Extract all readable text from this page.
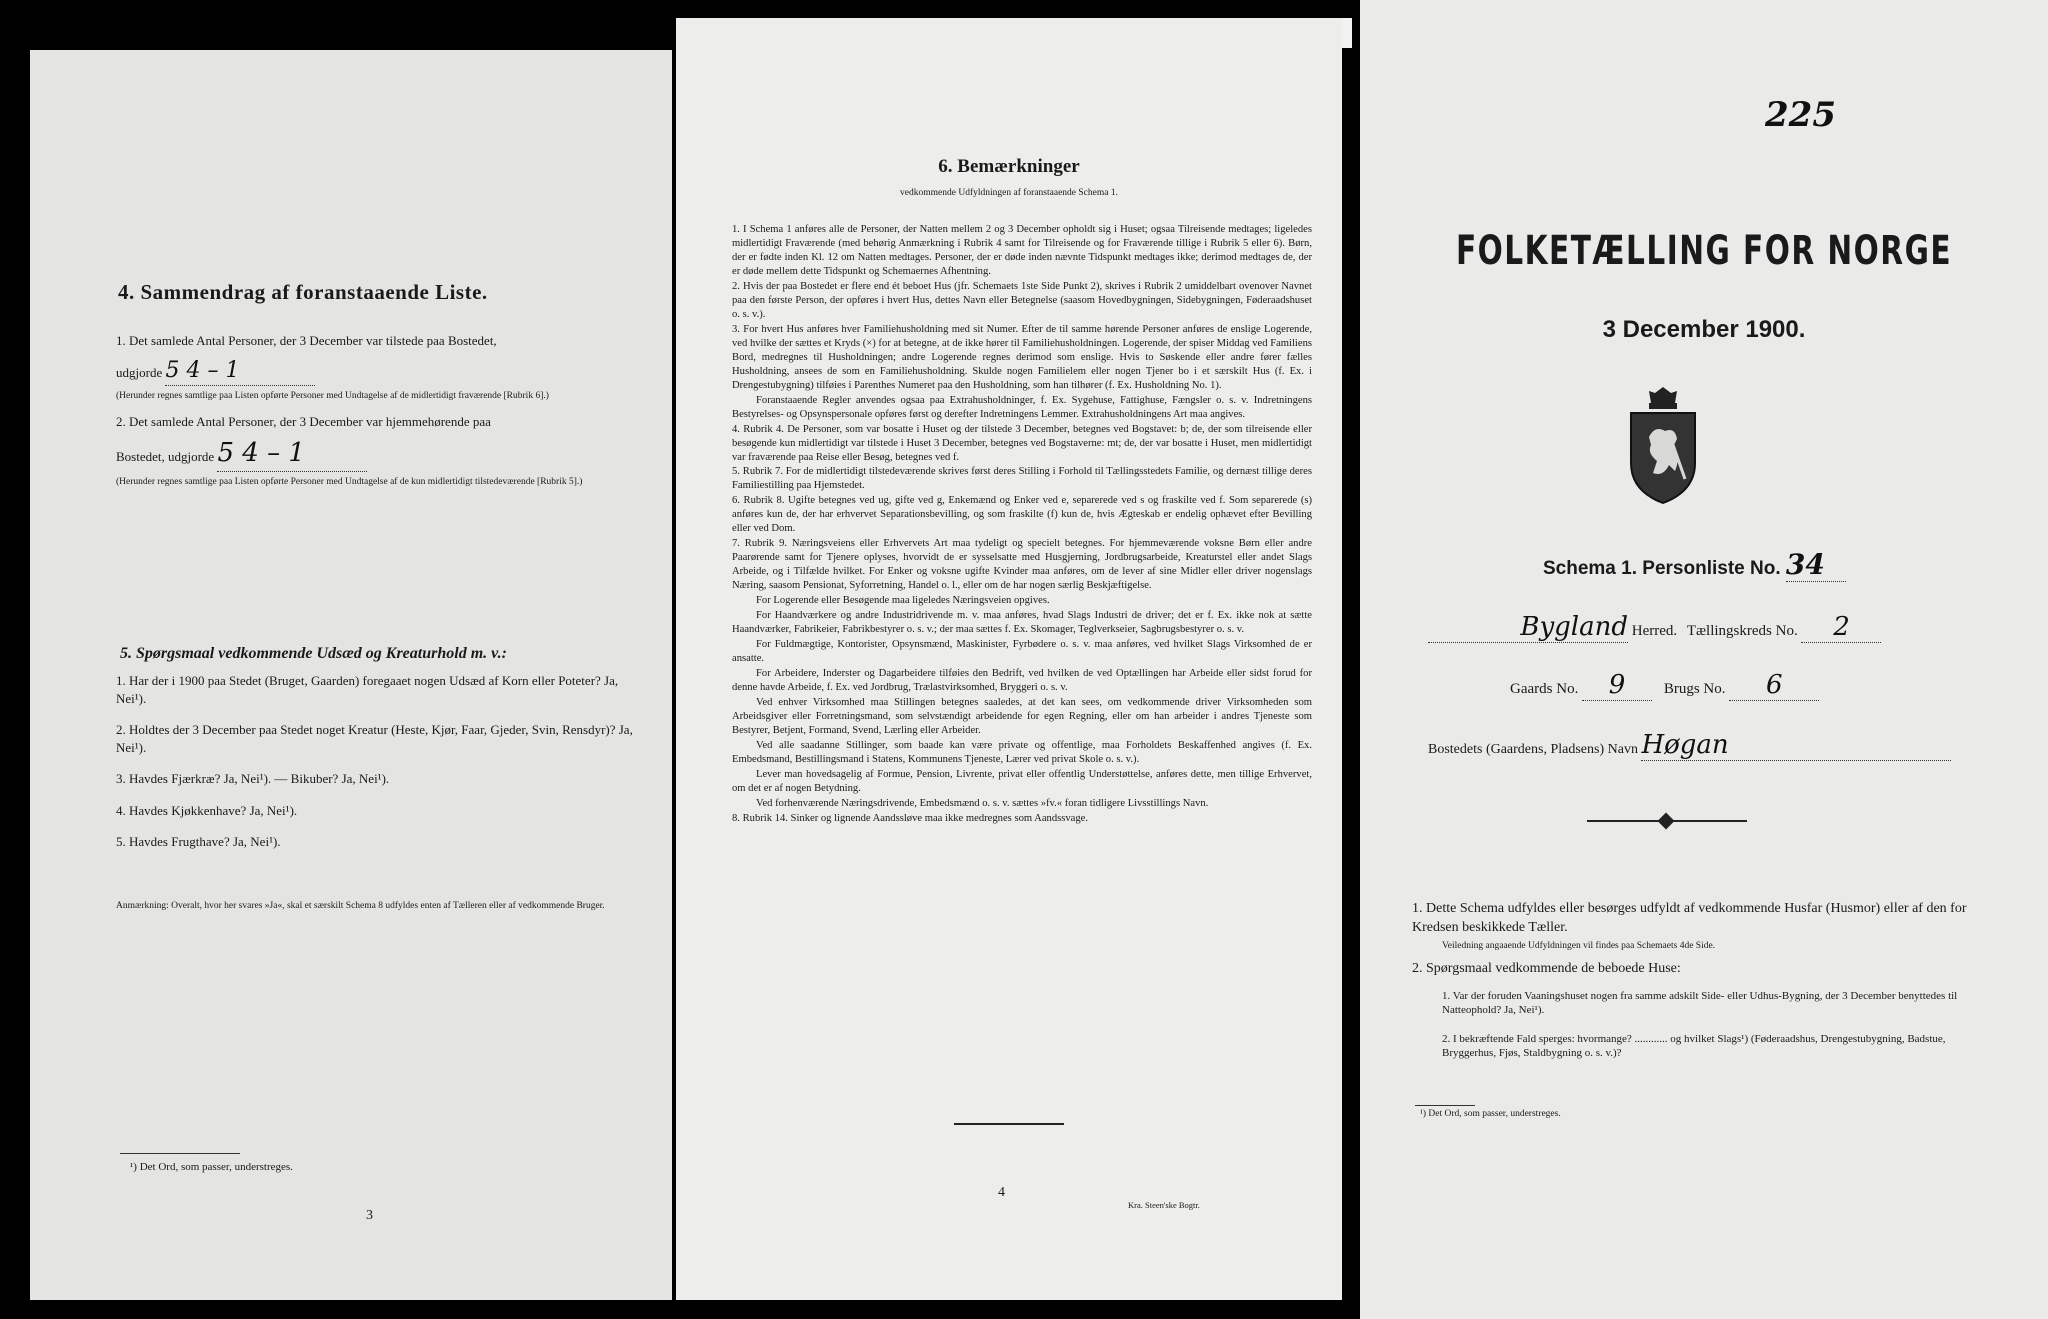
4. Sammendrag af foranstaaende Liste.
1. Det samlede Antal Personer, der 3 December var tilstede paa Bostedet,
udgjorde 5 4 – 1
(Herunder regnes samtlige paa Listen opførte Personer med Undtagelse af de midlertidigt fraværende [Rubrik 6].)
2. Det samlede Antal Personer, der 3 December var hjemmehørende paa
Bostedet, udgjorde 5 4 – 1
(Herunder regnes samtlige paa Listen opførte Personer med Undtagelse af de kun midlertidigt tilstedeværende [Rubrik 5].)
5. Spørgsmaal vedkommende Udsæd og Kreaturhold m. v.:
1. Har der i 1900 paa Stedet (Bruget, Gaarden) foregaaet nogen Udsæd af Korn eller Poteter? Ja, Nei¹).
2. Holdtes der 3 December paa Stedet noget Kreatur (Heste, Kjør, Faar, Gjeder, Svin, Rensdyr)? Ja, Nei¹).
3. Havdes Fjærkræ? Ja, Nei¹). — Bikuber? Ja, Nei¹).
4. Havdes Kjøkkenhave? Ja, Nei¹).
5. Havdes Frugthave? Ja, Nei¹).
Anmærkning: Overalt, hvor her svares »Ja«, skal et særskilt Schema 8 udfyldes enten af Tælleren eller af vedkommende Bruger.
¹) Det Ord, som passer, understreges.
3
6. Bemærkninger
vedkommende Udfyldningen af foranstaaende Schema 1.

1. I Schema 1 anføres alle de Personer, der Natten mellem 2 og 3 December opholdt sig i Huset; ogsaa Tilreisende medtages; ligeledes midlertidigt Fraværende (med behørig Anmærkning i Rubrik 4 samt for Tilreisende og for Fraværende tillige i Rubrik 5 eller 6). Børn, der er fødte inden Kl. 12 om Natten medtages. Personer, der er døde inden nævnte Tidspunkt medtages ikke; derimod medtages de, der er døde mellem dette Tidspunkt og Schemaernes Afhentning.

2. Hvis der paa Bostedet er flere end ét beboet Hus (jfr. Schemaets 1ste Side Punkt 2), skrives i Rubrik 2 umiddelbart ovenover Navnet paa den første Person, der opføres i hvert Hus, dettes Navn eller Betegnelse (saasom Hovedbygningen, Sidebygningen, Føderaadshuset o. s. v.).

3. For hvert Hus anføres hver Familiehusholdning med sit Numer. Efter de til samme hørende Personer anføres de enslige Logerende, ved hvilke der sættes et Kryds (×) for at betegne, at de ikke hører til Familiehusholdningen. Logerende, der spiser Middag ved Familiens Bord, medregnes til Husholdningen; andre Logerende regnes derimod som enslige. Hvis to Søskende eller andre fører fælles Husholdning, ansees de som en Familiehusholdning. Skulde nogen Familielem eller nogen Tjener bo i et særskilt Hus (f. Ex. i Drengestubygning) tilføies i Parenthes Numeret paa den Husholdning, som han tilhører (f. Ex. Husholdning No. 1).

Foranstaaende Regler anvendes ogsaa paa Extrahusholdninger, f. Ex. Sygehuse, Fattighuse, Fængsler o. s. v. Indretningens Bestyrelses- og Opsynspersonale opføres først og derefter Indretningens Lemmer. Extrahusholdningens Art maa angives.

4. Rubrik 4. De Personer, som var bosatte i Huset og der tilstede 3 December, betegnes ved Bogstavet: b; de, der som tilreisende eller besøgende kun midlertidigt var tilstede i Huset 3 December, betegnes ved Bogstaverne: mt; de, der var bosatte i Huset, men midlertidigt var fraværende paa Reise eller Besøg, betegnes ved f.

5. Rubrik 7. For de midlertidigt tilstedeværende skrives først deres Stilling i Forhold til Tællingsstedets Familie, og dernæst tillige deres Familiestilling paa Hjemstedet.

6. Rubrik 8. Ugifte betegnes ved ug, gifte ved g, Enkemænd og Enker ved e, separerede ved s og fraskilte ved f. Som separerede (s) anføres kun de, der har erhvervet Separationsbevilling, og som fraskilte (f) kun de, hvis Ægteskab er endelig ophævet efter Bevilling eller ved Dom.

7. Rubrik 9. Næringsveiens eller Erhvervets Art maa tydeligt og specielt betegnes. For hjemmeværende voksne Børn eller andre Paarørende samt for Tjenere oplyses, hvorvidt de er sysselsatte med Husgjerning, Jordbrugsarbeide, Kreaturstel eller andet Slags Arbeide, og i Tilfælde hvilket. For Enker og voksne ugifte Kvinder maa anføres, om de lever af sine Midler eller driver nogenslags Næring, saasom Pensionat, Syforretning, Handel o. l., eller om de har nogen særlig Beskjæftigelse.

For Logerende eller Besøgende maa ligeledes Næringsveien opgives.

For Haandværkere og andre Industridrivende m. v. maa anføres, hvad Slags Industri de driver; det er f. Ex. ikke nok at sætte Haandværker, Fabrikeier, Fabrikbestyrer o. s. v.; der maa sættes f. Ex. Skomager, Teglverkseier, Sagbrugsbestyrer o. s. v.

For Fuldmægtige, Kontorister, Opsynsmænd, Maskinister, Fyrbødere o. s. v. maa anføres, ved hvilket Slags Virksomhed de er ansatte.

For Arbeidere, Inderster og Dagarbeidere tilføies den Bedrift, ved hvilken de ved Optællingen har Arbeide eller sidst forud for denne havde Arbeide, f. Ex. ved Jordbrug, Trælastvirksomhed, Bryggeri o. s. v.

Ved enhver Virksomhed maa Stillingen betegnes saaledes, at det kan sees, om vedkommende driver Virksomheden som Arbeidsgiver eller Forretningsmand, som selvstændigt arbeidende for egen Regning, eller om han arbeider i andres Tjeneste som Bestyrer, Betjent, Formand, Svend, Lærling eller Arbeider.

Ved alle saadanne Stillinger, som baade kan være private og offentlige, maa Forholdets Beskaffenhed angives (f. Ex. Embedsmand, Bestillingsmand i Statens, Kommunens Tjeneste, Lærer ved privat Skole o. s. v.).

Lever man hovedsagelig af Formue, Pension, Livrente, privat eller offentlig Understøttelse, anføres dette, men tillige Erhvervet, om det er af nogen Betydning.

Ved forhenværende Næringsdrivende, Embedsmænd o. s. v. sættes »fv.« foran tidligere Livsstillings Navn.

8. Rubrik 14. Sinker og lignende Aandssløve maa ikke medregnes som Aandssvage.

4
Kra. Steen'ske Bogtr.
225
FOLKETÆLLING FOR NORGE
3 December 1900.
Schema 1. Personliste No. 34
Bygland Herred. Tællingskreds No. 2
Gaards No. 9	Brugs No. 6
Bostedets (Gaardens, Pladsens) Navn Høgan
1. Dette Schema udfyldes eller besørges udfyldt af vedkommende Husfar (Husmor) eller af den for Kredsen beskikkede Tæller.
Veiledning angaaende Udfyldningen vil findes paa Schemaets 4de Side.
2. Spørgsmaal vedkommende de beboede Huse:
1. Var der foruden Vaaningshuset nogen fra samme adskilt Side- eller Udhus-Bygning, der 3 December benyttedes til Natteophold? Ja, Nei¹).
2. I bekræftende Fald sperges: hvormange? ............ og hvilket Slags¹) (Føderaadshus, Drengestubygning, Badstue, Bryggerhus, Fjøs, Staldbygning o. s. v.)?
¹) Det Ord, som passer, understreges.
